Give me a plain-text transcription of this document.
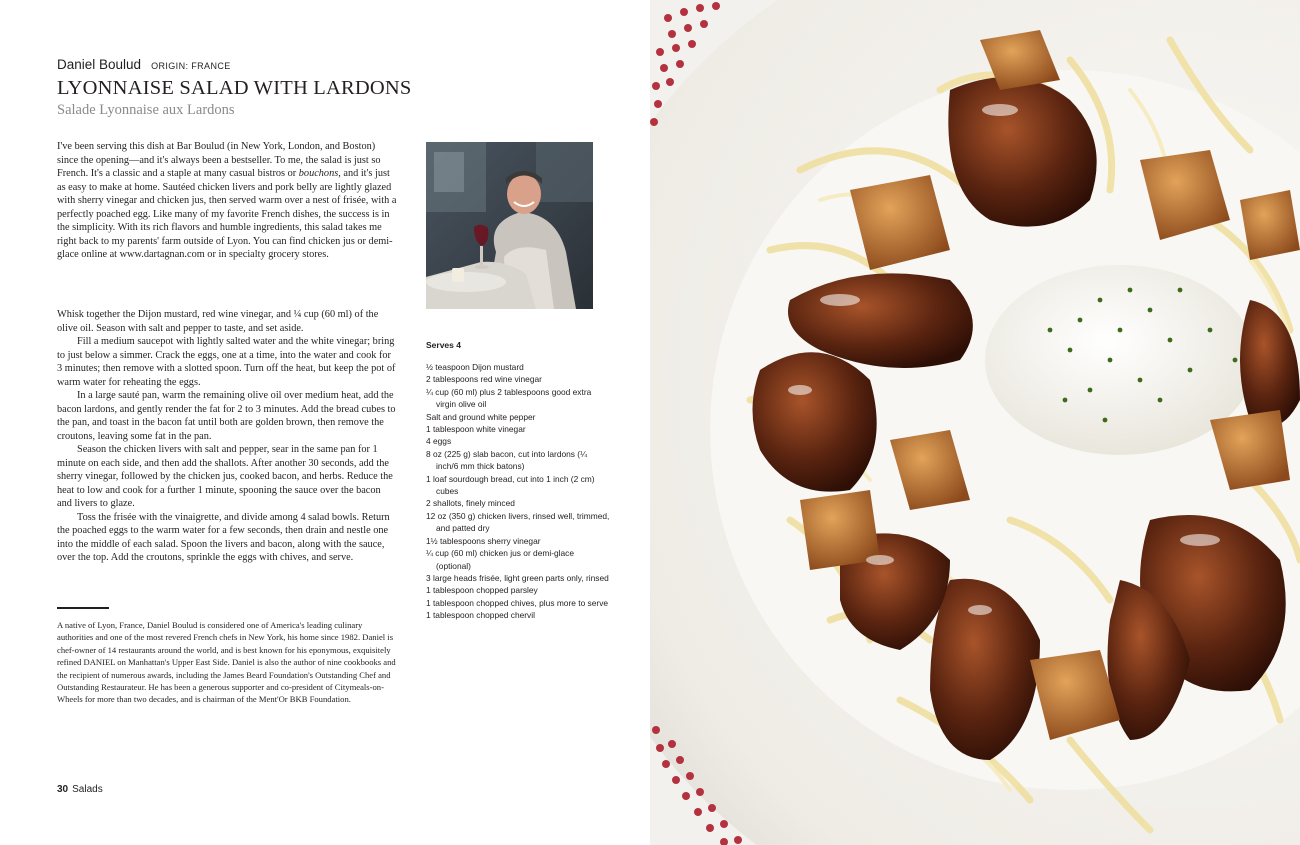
Daniel Boulud ORIGIN: FRANCE
LYONNAISE SALAD WITH LARDONS
Salade Lyonnaise aux Lardons

I've been serving this dish at Bar Boulud (in New York, London, and Boston) since the opening—and it's always been a bestseller. To me, the salad is just so French. It's a classic and a staple at many casual bistros or bouchons, and it's just as easy to make at home. Sautéed chicken livers and pork belly are lightly glazed with sherry vinegar and chicken jus, then served warm over a nest of frisée, with a perfectly poached egg. Like many of my favorite French dishes, the success is in the simplicity. With its rich flavors and humble ingredients, this salad takes me right back to my parents' farm outside of Lyon. You can find chicken jus or demi-glace online at www.dartagnan.com or in specialty grocery stores.

Whisk together the Dijon mustard, red wine vinegar, and ¼ cup (60 ml) of the olive oil. Season with salt and pepper to taste, and set aside.

Fill a medium saucepot with lightly salted water and the white vinegar; bring to just below a simmer. Crack the eggs, one at a time, into the water and cook for 3 minutes; then remove with a slotted spoon. Turn off the heat, but keep the pot of warm water for reheating the eggs.

In a large sauté pan, warm the remaining olive oil over medium heat, add the bacon lardons, and gently render the fat for 2 to 3 minutes. Add the bread cubes to the pan, and toast in the bacon fat until both are golden brown, then remove the croutons, leaving some fat in the pan.

Season the chicken livers with salt and pepper, sear in the same pan for 1 minute on each side, and then add the shallots. After another 30 seconds, add the sherry vinegar, followed by the chicken jus, cooked bacon, and herbs. Reduce the heat to low and cook for a further 1 minute, spooning the sauce over the bacon and livers to glaze.

Toss the frisée with the vinaigrette, and divide among 4 salad bowls. Return the poached eggs to the warm water for a few seconds, then drain and nestle one into the middle of each salad. Spoon the livers and bacon, along with the sauce, over the top. Add the croutons, sprinkle the eggs with chives, and serve.

A native of Lyon, France, Daniel Boulud is considered one of America's leading culinary authorities and one of the most revered French chefs in New York, his home since 1982. Daniel is chef-owner of 14 restaurants around the world, and is best known for his eponymous, exquisitely refined DANIEL on Manhattan's Upper East Side. Daniel is also the author of nine cookbooks and the recipient of numerous awards, including the James Beard Foundation's Outstanding Chef and Outstanding Restaurateur. He has been a generous supporter and co-president of Citymeals-on-Wheels for more than two decades, and is chairman of the Ment'Or BKB Foundation.

Serves 4
½ teaspoon Dijon mustard
2 tablespoons red wine vinegar
¼ cup (60 ml) plus 2 tablespoons good extra virgin olive oil
Salt and ground white pepper
1 tablespoon white vinegar
4 eggs
8 oz (225 g) slab bacon, cut into lardons (¼ inch/6 mm thick batons)
1 loaf sourdough bread, cut into 1 inch (2 cm) cubes
2 shallots, finely minced
12 oz (350 g) chicken livers, rinsed well, trimmed, and patted dry
1½ tablespoons sherry vinegar
¼ cup (60 ml) chicken jus or demi-glace (optional)
3 large heads frisée, light green parts only, rinsed
1 tablespoon chopped parsley
1 tablespoon chopped chives, plus more to serve
1 tablespoon chopped chervil
30 Salads
